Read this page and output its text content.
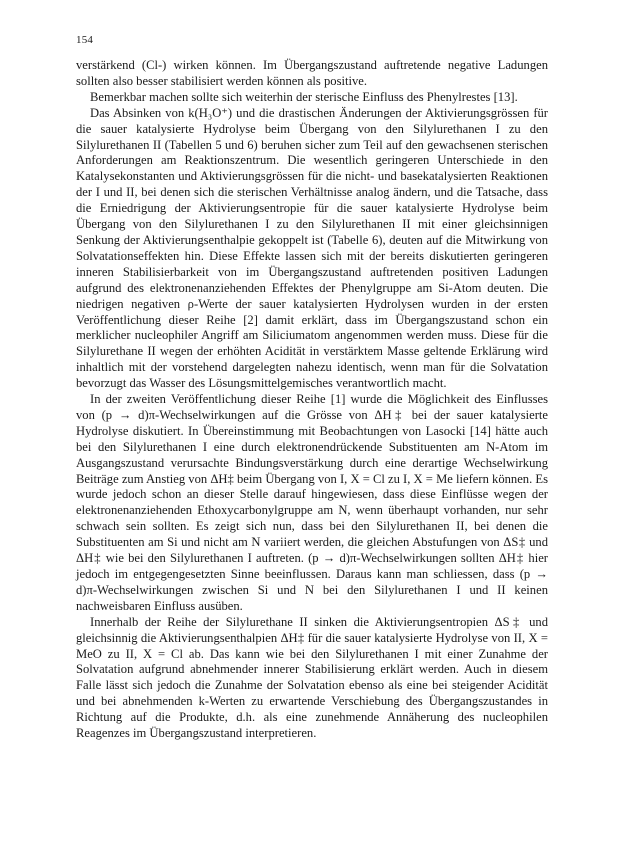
154

verstärkend (Cl-) wirken können. Im Übergangszustand auftretende negative Ladungen sollten also besser stabilisiert werden können als positive.

Bemerkbar machen sollte sich weiterhin der sterische Einfluss des Phenylrestes [13].

Das Absinken von k(H₃O⁺) und die drastischen Änderungen der Aktivierungsgrössen für die sauer katalysierte Hydrolyse beim Übergang von den Silylurethanen I zu den Silylurethanen II (Tabellen 5 und 6) beruhen sicher zum Teil auf den gewachsenen sterischen Anforderungen am Reaktionszentrum. Die wesentlich geringeren Unterschiede in den Katalysekonstanten und Aktivierungsgrössen für die nicht- und basekatalysierten Reaktionen der I und II, bei denen sich die sterischen Verhältnisse analog ändern, und die Tatsache, dass die Erniedrigung der Aktivierungsentropie für die sauer katalysierte Hydrolyse beim Übergang von den Silylurethanen I zu den Silylurethanen II mit einer gleichsinnigen Senkung der Aktivierungsenthalpie gekoppelt ist (Tabelle 6), deuten auf die Mitwirkung von Solvatationseffekten hin. Diese Effekte lassen sich mit der bereits diskutierten geringeren inneren Stabilisierbarkeit von im Übergangszustand auftretenden positiven Ladungen aufgrund des elektronenanziehenden Effektes der Phenylgruppe am Si-Atom deuten. Die niedrigen negativen ρ-Werte der sauer katalysierten Hydrolysen wurden in der ersten Veröffentlichung dieser Reihe [2] damit erklärt, dass im Übergangszustand schon ein merklicher nucleophiler Angriff am Siliciumatom angenommen werden muss. Diese für die Silylurethane II wegen der erhöhten Acidität in verstärktem Masse geltende Erklärung wird inhaltlich mit der vorstehend dargelegten nahezu identisch, wenn man für die Solvatation bevorzugt das Wasser des Lösungsmittelgemisches verantwortlich macht.

In der zweiten Veröffentlichung dieser Reihe [1] wurde die Möglichkeit des Einflusses von (p → d)π-Wechselwirkungen auf die Grösse von ΔH‡ bei der sauer katalysierte Hydrolyse diskutiert. In Übereinstimmung mit Beobachtungen von Lasocki [14] hätte auch bei den Silylurethanen I eine durch elektronendrückende Substituenten am N-Atom im Ausgangszustand verursachte Bindungsverstärkung durch eine derartige Wechselwirkung Beiträge zum Anstieg von ΔH‡ beim Übergang von I, X = Cl zu I, X = Me liefern können. Es wurde jedoch schon an dieser Stelle darauf hingewiesen, dass diese Einflüsse wegen der elektronenanziehenden Ethoxycarbonylgruppe am N, wenn überhaupt vorhanden, nur sehr schwach sein sollten. Es zeigt sich nun, dass bei den Silylurethanen II, bei denen die Substituenten am Si und nicht am N variiert werden, die gleichen Abstufungen von ΔS‡ und ΔH‡ wie bei den Silylurethanen I auftreten. (p → d)π-Wechselwirkungen sollten ΔH‡ hier jedoch im entgegengesetzten Sinne beeinflussen. Daraus kann man schliessen, dass (p → d)π-Wechselwirkungen zwischen Si und N bei den Silylurethanen I und II keinen nachweisbaren Einfluss ausüben.

Innerhalb der Reihe der Silylurethane II sinken die Aktivierungsentropien ΔS‡ und gleichsinnig die Aktivierungsenthalpien ΔH‡ für die sauer katalysierte Hydrolyse von II, X = MeO zu II, X = Cl ab. Das kann wie bei den Silylurethanen I mit einer Zunahme der Solvatation aufgrund abnehmender innerer Stabilisierung erklärt werden. Auch in diesem Falle lässt sich jedoch die Zunahme der Solvatation ebenso als eine bei steigender Acidität und bei abnehmenden k-Werten zu erwartende Verschiebung des Übergangszustandes in Richtung auf die Produkte, d.h. als eine zunehmende Annäherung des nucleophilen Reagenzes im Übergangszustand interpretieren.
